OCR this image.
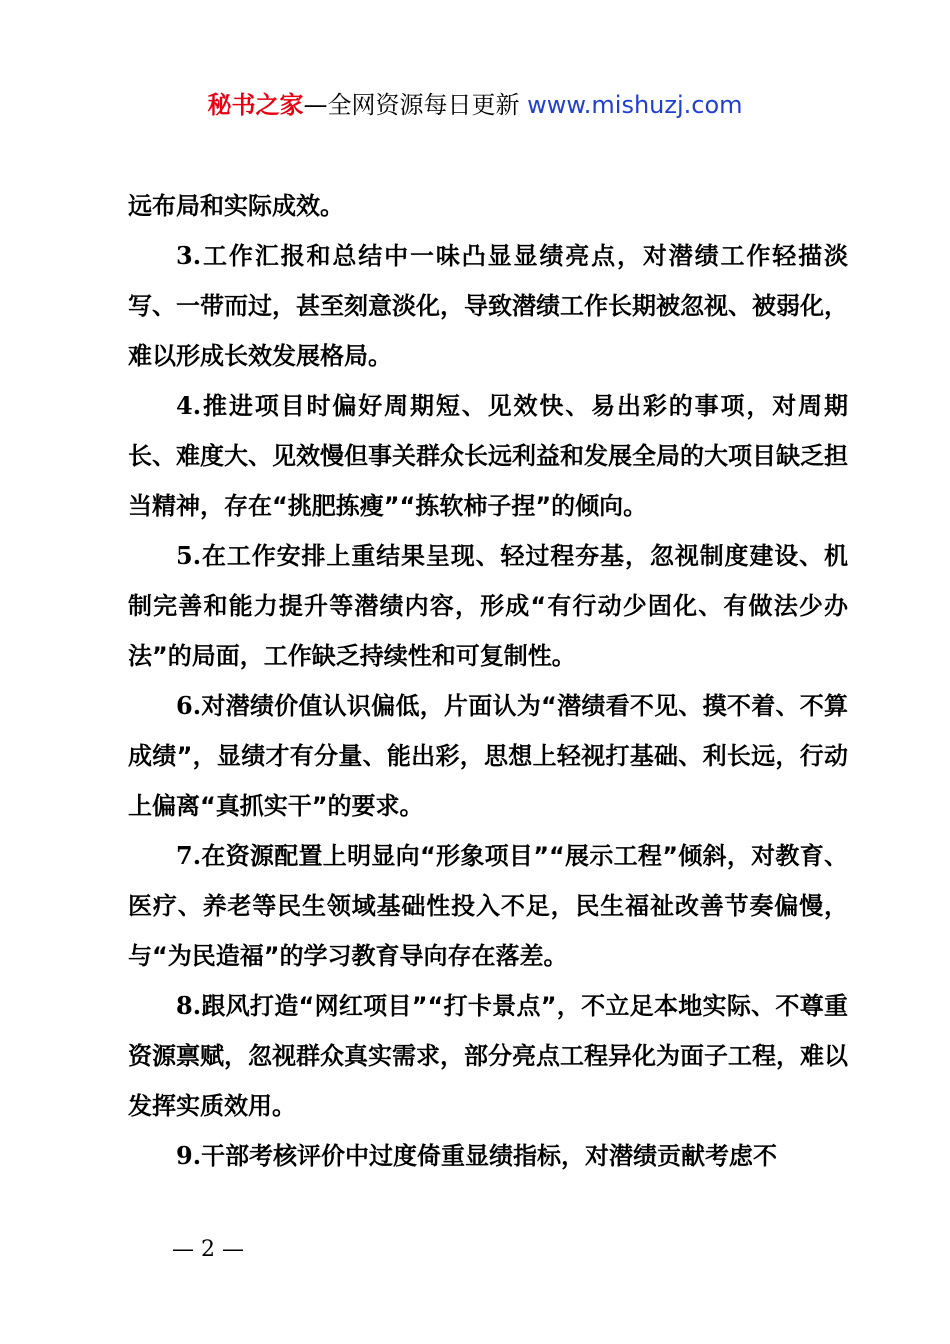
秘书之家—全网资源每日更新 www.mishuzj.com

远布局和实际成效。

3.工作汇报和总结中一味凸显显绩亮点，对潜绩工作轻描淡写、一带而过，甚至刻意淡化，导致潜绩工作长期被忽视、被弱化，难以形成长效发展格局。

4.推进项目时偏好周期短、见效快、易出彩的事项，对周期长、难度大、见效慢但事关群众长远利益和发展全局的大项目缺乏担当精神，存在“挑肥拣瘦”“拣软柿子捏”的倾向。

5.在工作安排上重结果呈现、轻过程夯基，忽视制度建设、机制完善和能力提升等潜绩内容，形成“有行动少固化、有做法少办法”的局面，工作缺乏持续性和可复制性。

6.对潜绩价值认识偏低，片面认为“潜绩看不见、摸不着、不算成绩”，显绩才有分量、能出彩，思想上轻视打基础、利长远，行动上偏离“真抓实干”的要求。

7.在资源配置上明显向“形象项目”“展示工程”倾斜，对教育、医疗、养老等民生领域基础性投入不足，民生福祉改善节奏偏慢，与“为民造福”的学习教育导向存在落差。

8.跟风打造“网红项目”“打卡景点”，不立足本地实际、不尊重资源禀赋，忽视群众真实需求，部分亮点工程异化为面子工程，难以发挥实质效用。

9.干部考核评价中过度倚重显绩指标，对潜绩贡献考虑不

— 2 —
